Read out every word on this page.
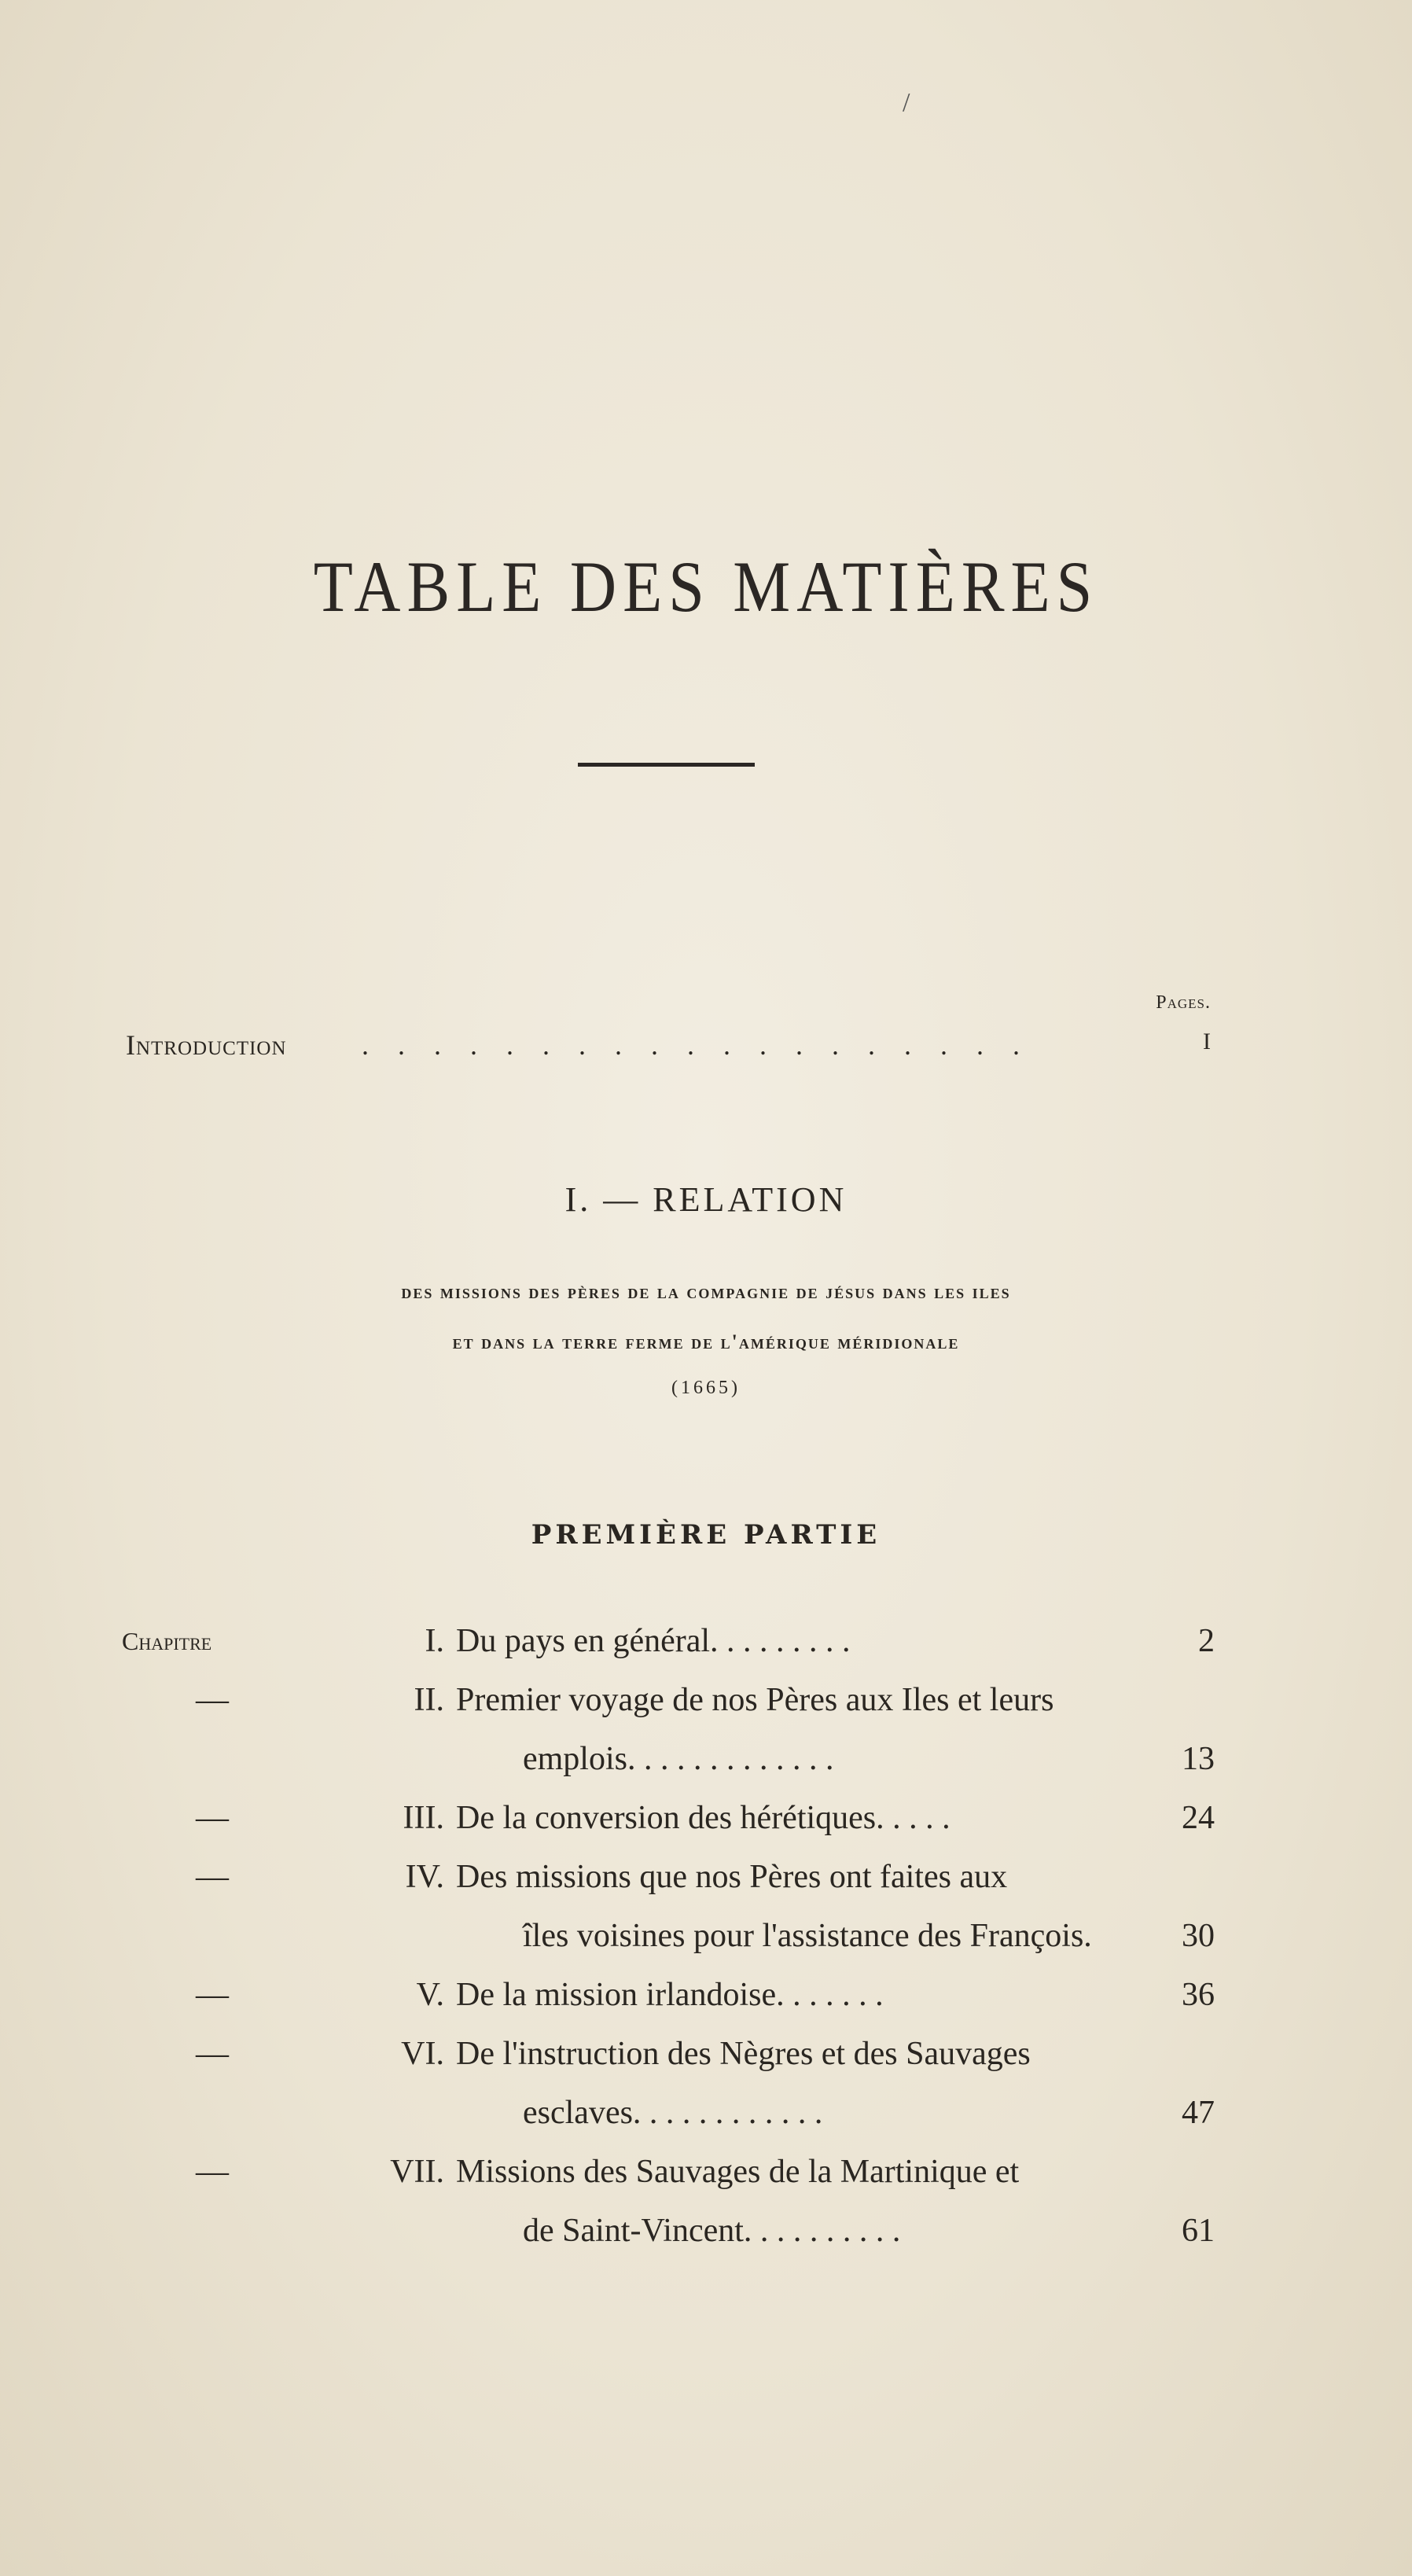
/
TABLE DES MATIÈRES
Pages.
Introduction	. . . . . . . . . . . . . . . . . . .	I
I. — RELATION
des missions des pères de la compagnie de jésus dans les iles
et dans la terre ferme de l'amérique méridionale
(1665)
PREMIÈRE PARTIE
Chapitre	I. Du pays en général. . . . . . . . .	2
—	II. Premier voyage de nos Pères aux Iles et leurs
emplois. . . . . . . . . . . . .	13
—	III. De la conversion des hérétiques. . . . .	24
—	IV. Des missions que nos Pères ont faites aux
îles voisines pour l'assistance des François.	30
—	V. De la mission irlandoise. . . . . . .	36
—	VI. De l'instruction des Nègres et des Sauvages
esclaves. . . . . . . . . . . .	47
—	VII. Missions des Sauvages de la Martinique et
de Saint-Vincent. . . . . . . . . .	61
